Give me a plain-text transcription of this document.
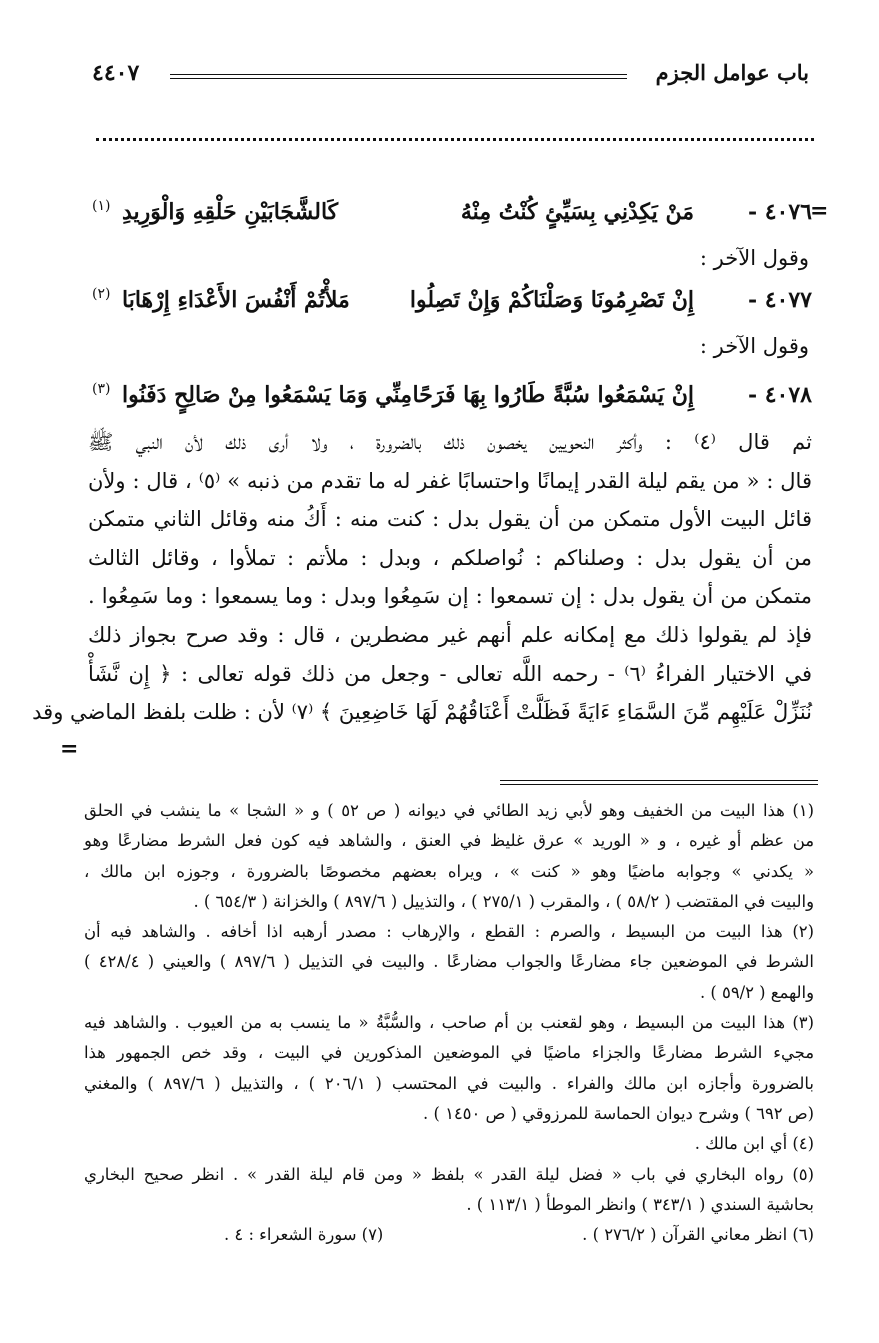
باب عوامل الجزم
٤٤٠٧
=
٤٠٧٦ -
مَنْ يَكِدْنِي بِسَيِّئٍ كُنْتُ مِنْهُ
كَالشَّجَابَيْنِ حَلْقِهِ وَالْوَرِيدِ
(١)
وقول الآخر :
٤٠٧٧ -
إِنْ تَصْرِمُونَا وَصَلْنَاكُمْ وَإِنْ تَصِلُوا
مَلأْتُمْ أَنْفُسَ الأَعْدَاءِ إِرْهَابَا
(٢)
وقول الآخر :
٤٠٧٨ -
إِنْ يَسْمَعُوا سُبَّةً طَارُوا بِهَا فَرَحًا
مِنِّي وَمَا يَسْمَعُوا مِنْ صَالِحٍ دَفَنُوا
(٣)
ثم قال ⁽٤⁾ : وأكثر النحويين يخصون ذلك بالضرورة ، ولا أرى ذلك لأن النبي ﷺ
قال : « من يقم ليلة القدر إيمانًا واحتسابًا غفر له ما تقدم من ذنبه » ⁽٥⁾ ، قال : ولأن
قائل البيت الأول متمكن من أن يقول بدل : كنت منه : أَكُ منه وقائل الثاني متمكن
من أن يقول بدل : وصلناكم : نُواصلكم ، وبدل : ملأتم : تملأوا ، وقائل الثالث
متمكن من أن يقول بدل : إن تسمعوا : إن سَمِعُوا وبدل : وما يسمعوا : وما سَمِعُوا .
فإذ لم يقولوا ذلك مع إمكانه علم أنهم غير مضطرين ، قال : وقد صرح بجواز ذلك
في الاختيار الفراءُ ⁽٦⁾ - رحمه اللَّه تعالى - وجعل من ذلك قوله تعالى : ﴿ إِن نَّشَأْ
نُنَزِّلْ عَلَيْهِم مِّنَ السَّمَاءِ ءَايَةً فَظَلَّتْ أَعْنَاقُهُمْ لَهَا خَاضِعِينَ ﴾ ⁽٧⁾ لأن : ظلت بلفظ الماضي وقد
=
(١) هذا البيت من الخفيف وهو لأبي زيد الطائي في ديوانه ( ص ٥٢ ) و « الشجا » ما ينشب في الحلق
من عظم أو غيره ، و « الوريد » عرق غليظ في العنق ، والشاهد فيه كون فعل الشرط مضارعًا وهو
« يكدني » وجوابه ماضيًا وهو « كنت » ، ويراه بعضهم مخصوصًا بالضرورة ، وجوزه ابن مالك ،
والبيت في المقتضب ( ٥٨/٢ ) ، والمقرب ( ٢٧٥/١ ) ، والتذييل ( ٨٩٧/٦ ) والخزانة ( ٦٥٤/٣ ) .
(٢) هذا البيت من البسيط ، والصرم : القطع ، والإرهاب : مصدر أرهبه اذا أخافه . والشاهد فيه أن
الشرط في الموضعين جاء مضارعًا والجواب مضارعًا . والبيت في التذييل ( ٨٩٧/٦ ) والعيني ( ٤٢٨/٤ )
والهمع ( ٥٩/٢ ) .
(٣) هذا البيت من البسيط ، وهو لقعنب بن أم صاحب ، والسُّبَّةُ « ما ينسب به من العيوب . والشاهد فيه
مجيء الشرط مضارعًا والجزاء ماضيًا في الموضعين المذكورين في البيت ، وقد خص الجمهور هذا
بالضرورة وأجازه ابن مالك والفراء . والبيت في المحتسب ( ٢٠٦/١ ) ، والتذييل ( ٨٩٧/٦ ) والمغني
(ص ٦٩٢ ) وشرح ديوان الحماسة للمرزوقي ( ص ١٤٥٠ ) .
(٤) أي ابن مالك .
(٥) رواه البخاري في باب « فضل ليلة القدر » بلفظ « ومن قام ليلة القدر » . انظر صحيح البخاري
بحاشية السندي ( ٣٤٣/١ ) وانظر الموطأ ( ١١٣/١ ) .
(٦) انظر معاني القرآن ( ٢٧٦/٢ ) .
(٧) سورة الشعراء : ٤ .
